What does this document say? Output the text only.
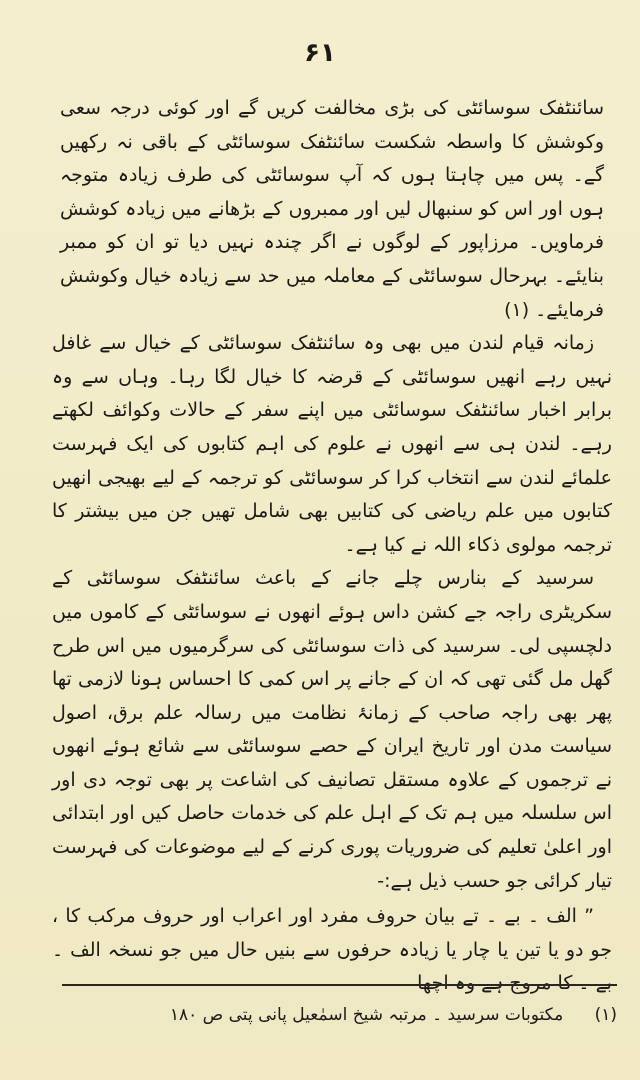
۶۱

سائنٹفک سوسائٹی کی بڑی مخالفت کریں گے اور کوئی درجہ سعی وکوشش کا واسطہ شکست سائنٹفک سوسائٹی کے باقی نہ رکھیں گے۔ پس میں چاہتا ہوں کہ آپ سوسائٹی کی طرف زیادہ متوجہ ہوں اور اس کو سنبھال لیں اور ممبروں کے بڑھانے میں زیادہ کوشش فرماویں۔ مرزاپور کے لوگوں نے اگر چندہ نہیں دیا تو ان کو ممبر بنایئے۔ بہرحال سوسائٹی کے معاملہ میں حد سے زیادہ خیال وکوشش فرمایئے۔ (۱)

زمانہ قیام لندن میں بھی وہ سائنٹفک سوسائٹی کے خیال سے غافل نہیں رہے انھیں سوسائٹی کے قرضہ کا خیال لگا رہا۔ وہاں سے وہ برابر اخبار سائنٹفک سوسائٹی میں اپنے سفر کے حالات وکوائف لکھتے رہے۔ لندن ہی سے انھوں نے علوم کی اہم کتابوں کی ایک فہرست علمائے لندن سے انتخاب کرا کر سوسائٹی کو ترجمہ کے لیے بھیجی انھیں کتابوں میں علم ریاضی کی کتابیں بھی شامل تھیں جن میں بیشتر کا ترجمہ مولوی ذکاء اللہ نے کیا ہے۔

سرسید کے بنارس چلے جانے کے باعث سائنٹفک سوسائٹی کے سکریٹری راجہ جے کشن داس ہوئے انھوں نے سوسائٹی کے کاموں میں دلچسپی لی۔ سرسید کی ذات سوسائٹی کی سرگرمیوں میں اس طرح گھل مل گئی تھی کہ ان کے جانے پر اس کمی کا احساس ہونا لازمی تھا پھر بھی راجہ صاحب کے زمانۂ نظامت میں رسالہ علم برق، اصول سیاست مدن اور تاریخ ایران کے حصے سوسائٹی سے شائع ہوئے انھوں نے ترجموں کے علاوہ مستقل تصانیف کی اشاعت پر بھی توجہ دی اور اس سلسلہ میں ہم تک کے اہل علم کی خدمات حاصل کیں اور ابتدائی اور اعلیٰ تعلیم کی ضروریات پوری کرنے کے لیے موضوعات کی فہرست تیار کرائی جو حسب ذیل ہے:-

” الف ۔ بے ۔ تے بیان حروف مفرد اور اعراب اور حروف مرکب کا ، جو دو یا تین یا چار یا زیادہ حرفوں سے بنیں حال میں جو نسخہ الف ۔ بے ۔ کا مروج ہے وہ اچھا

(۱) مکتوبات سرسید ۔ مرتبہ شیخ اسمٰعیل پانی پتی ص ۱۸۰
